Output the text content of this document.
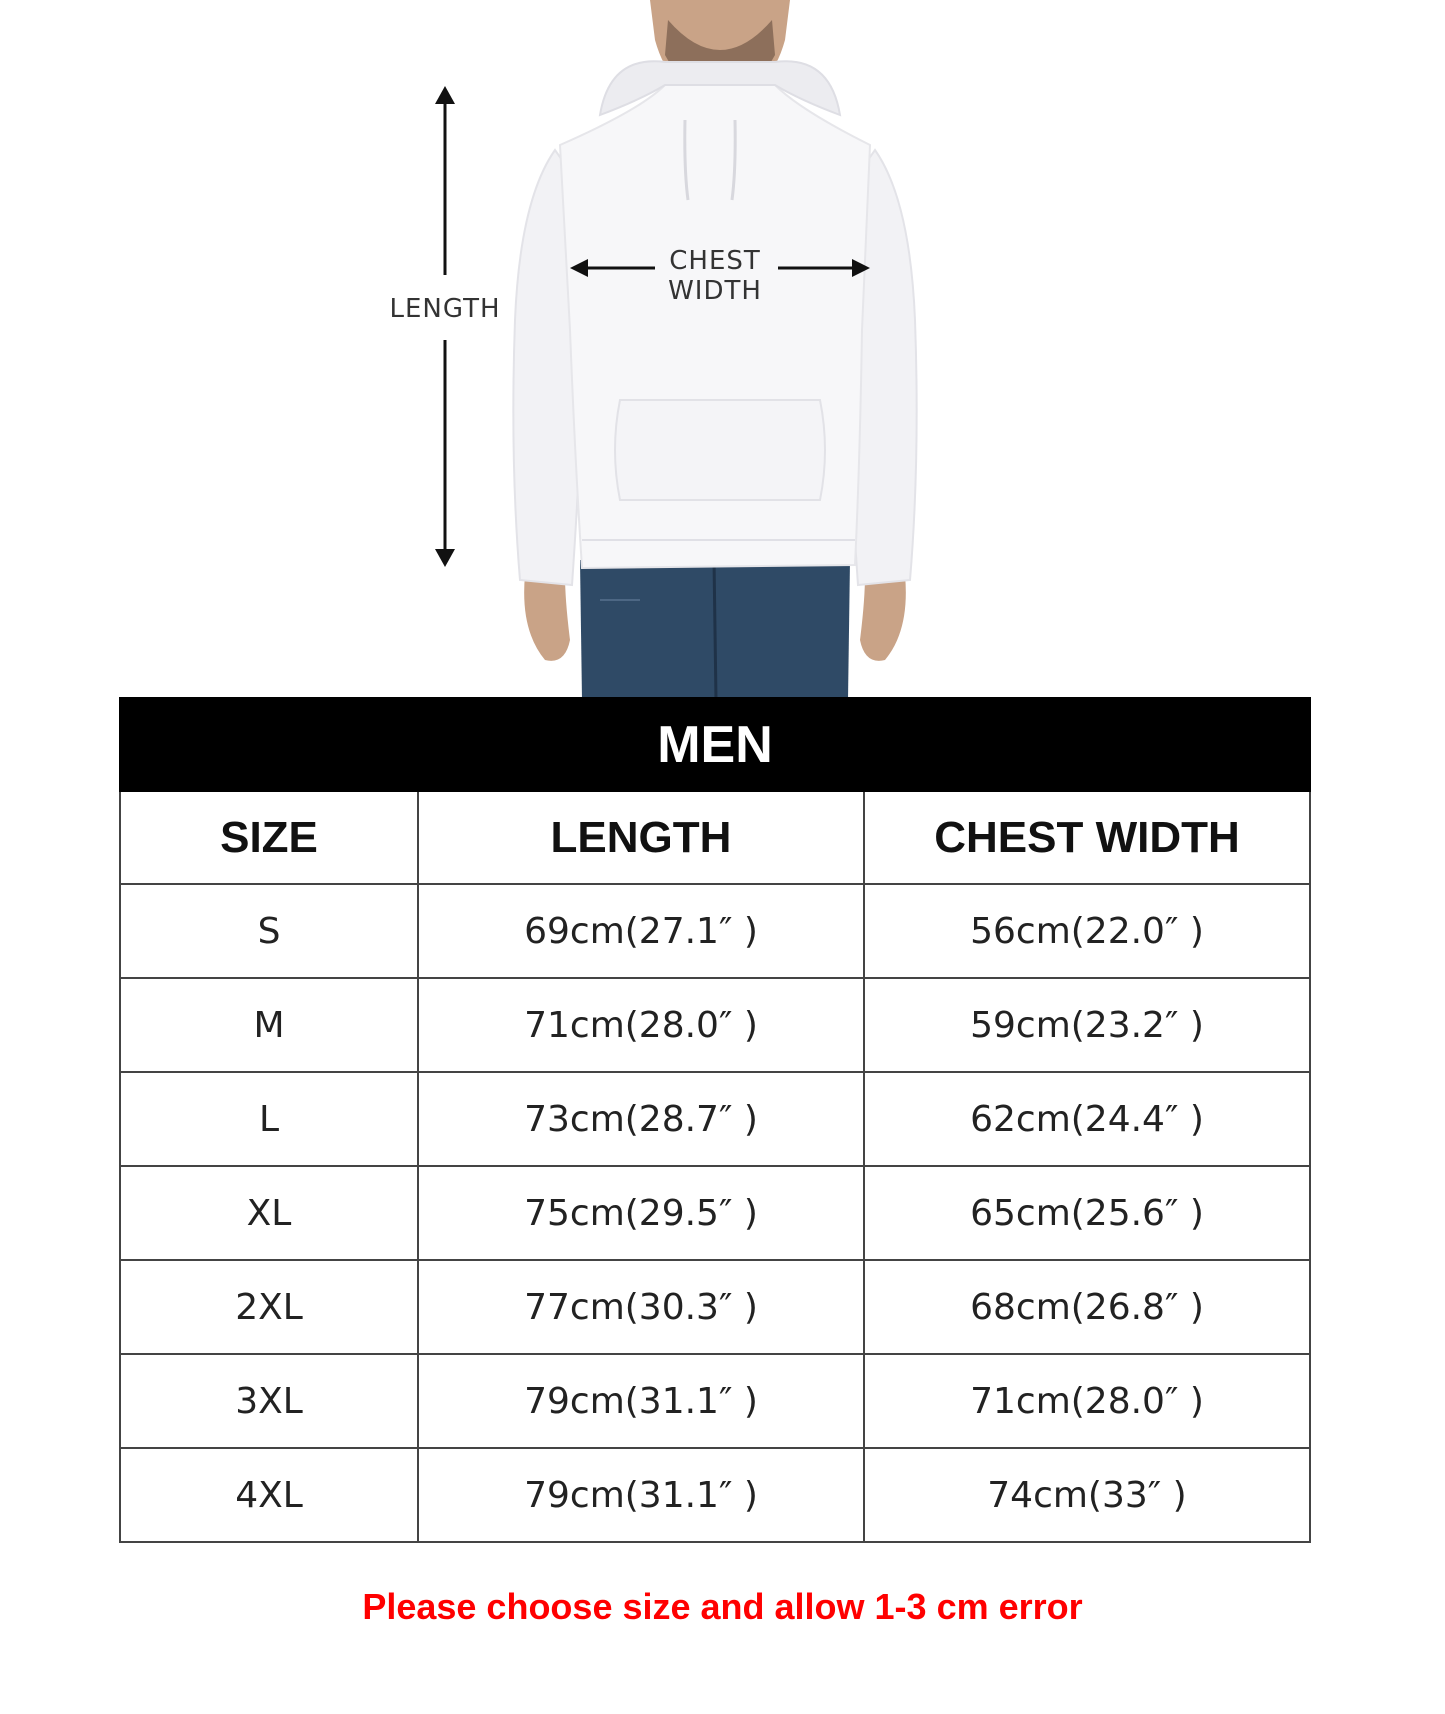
LENGTH
CHEST
WIDTH
MEN		
SIZE	LENGTH	CHEST WIDTH
S	69cm(27.1″ )	56cm(22.0″ )
M	71cm(28.0″ )	59cm(23.2″ )
L	73cm(28.7″ )	62cm(24.4″ )
XL	75cm(29.5″ )	65cm(25.6″ )
2XL	77cm(30.3″ )	68cm(26.8″ )
3XL	79cm(31.1″ )	71cm(28.0″ )
4XL	79cm(31.1″ )	74cm(33″ )
Please choose size and allow 1-3 cm error
